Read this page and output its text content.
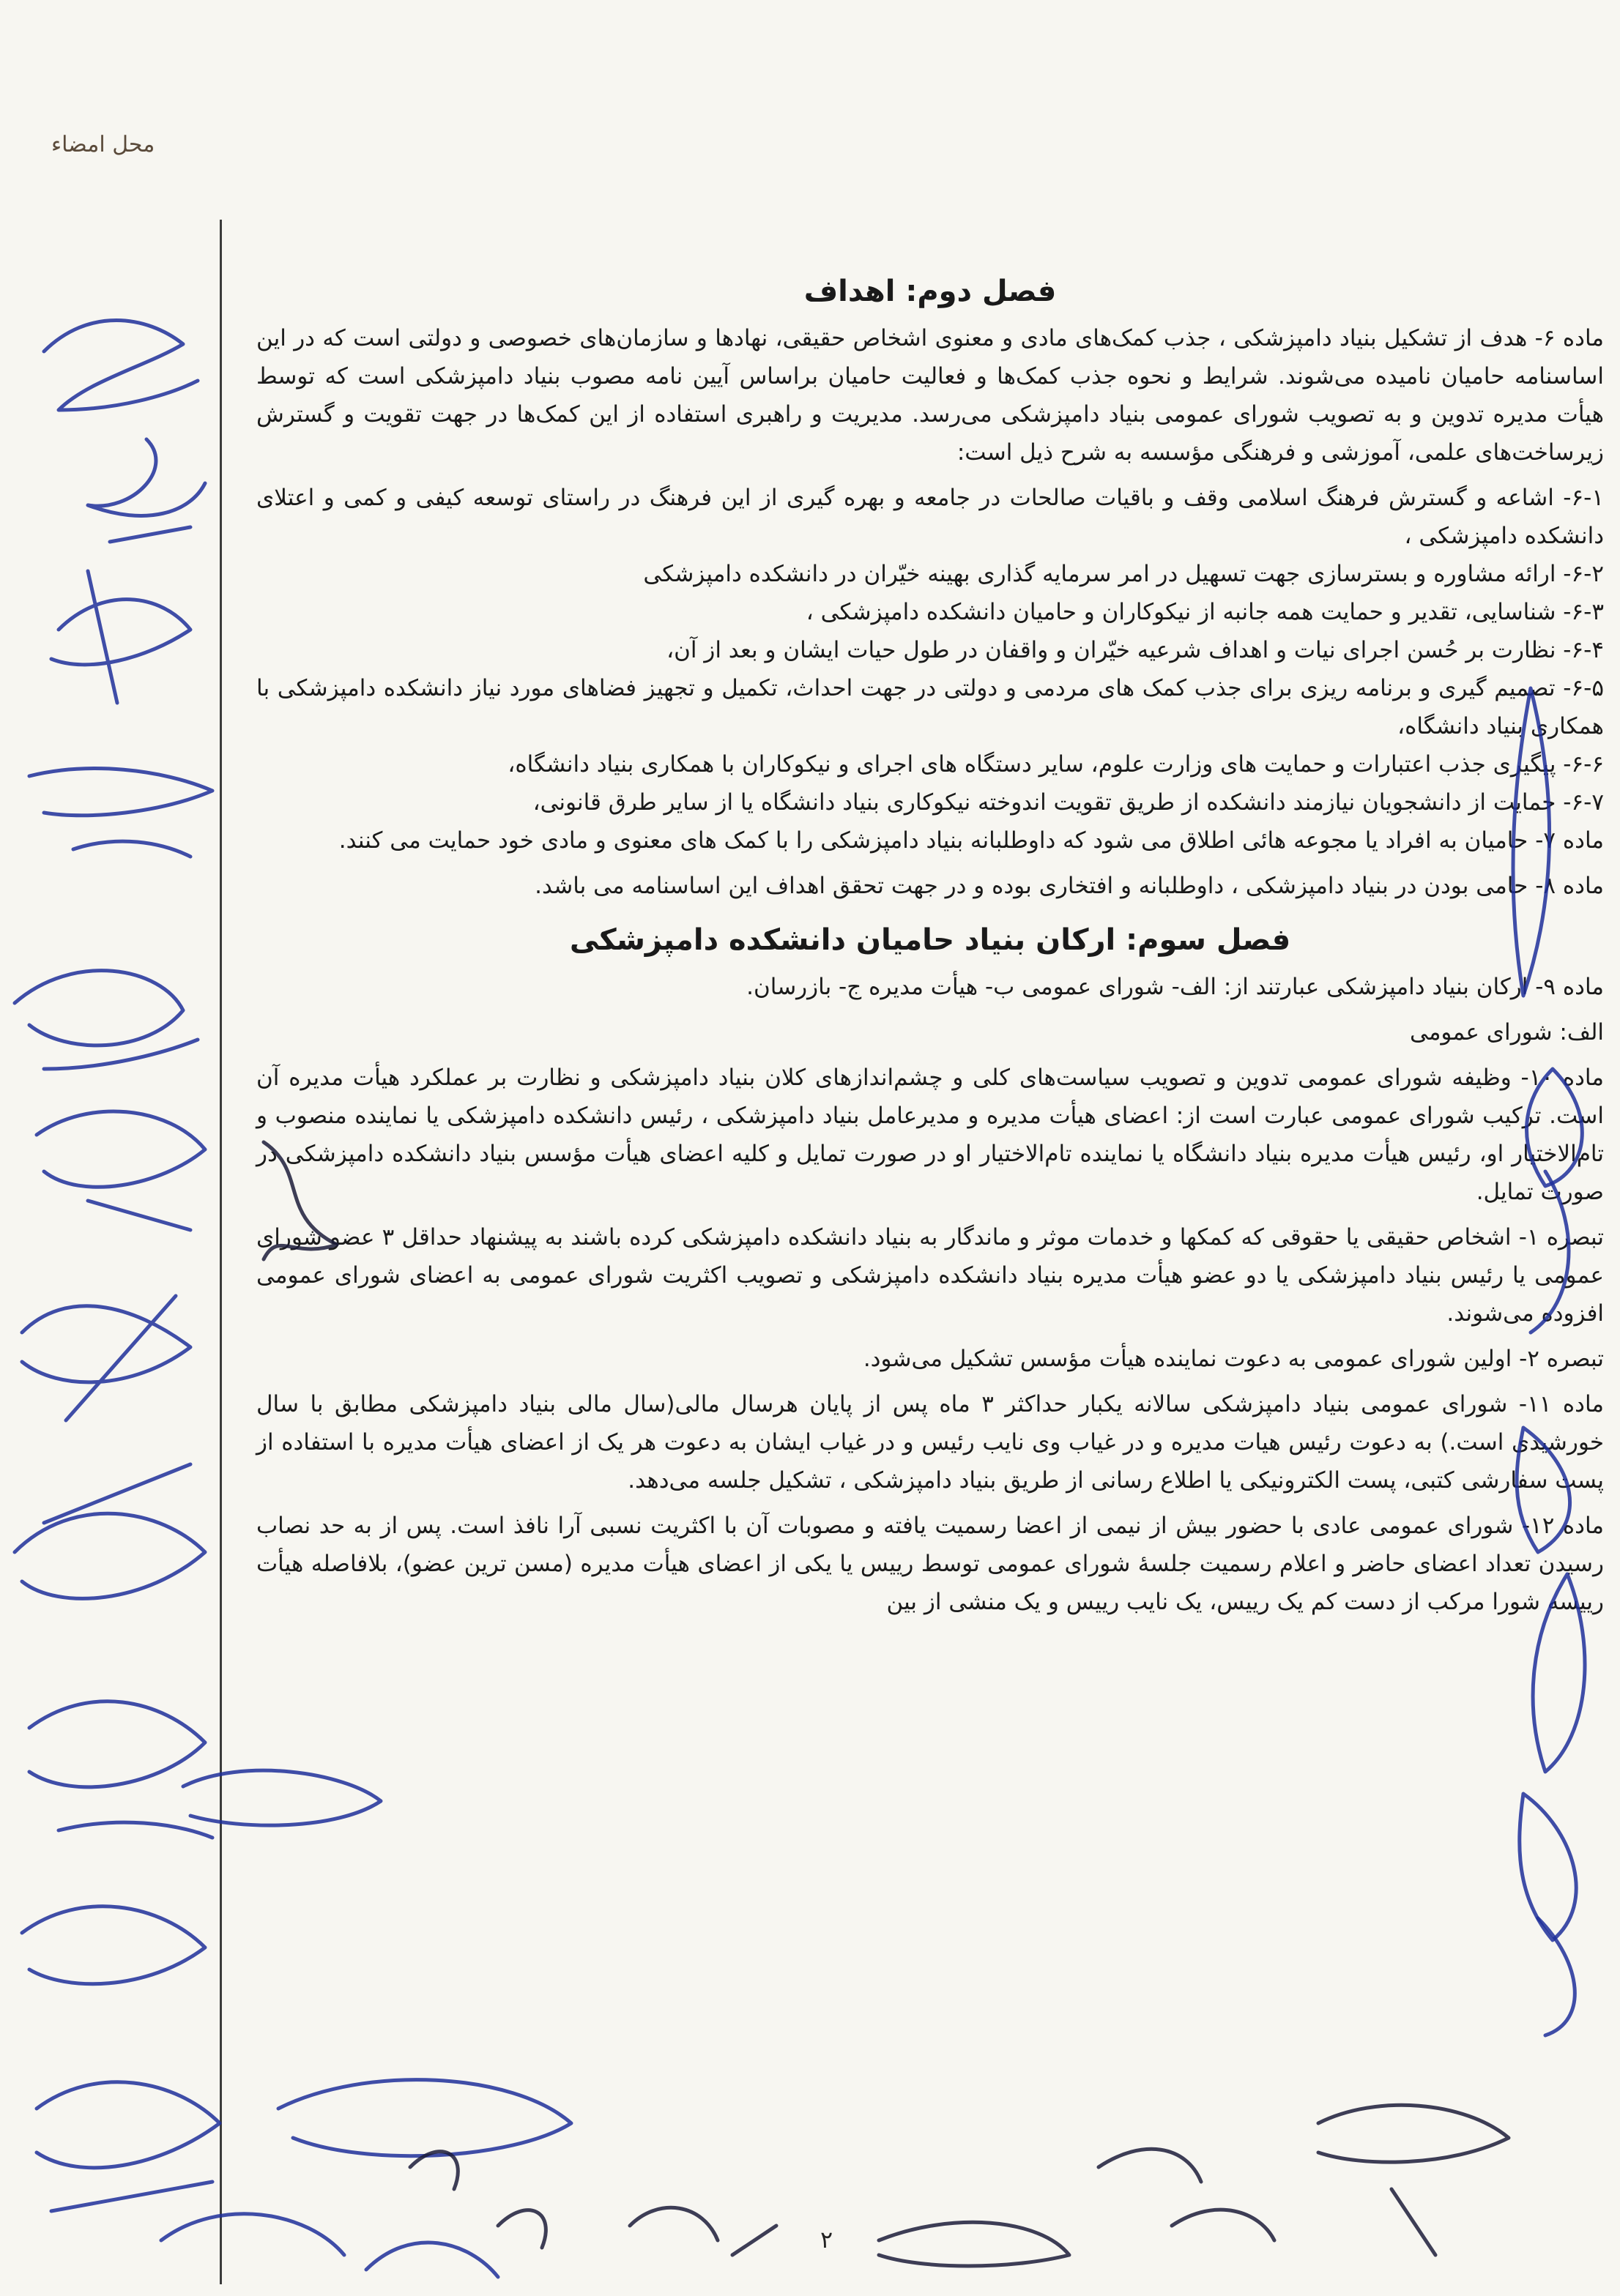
محل امضاء
فصل دوم: اهداف

ماده ۶- هدف از تشکیل بنیاد دامپزشکی ، جذب کمک‌های مادی و معنوی اشخاص حقیقی، نهادها و سازمان‌های خصوصی و دولتی است که در این اساسنامه حامیان نامیده می‌شوند. شرایط و نحوه جذب کمک‌ها و فعالیت حامیان براساس آیین نامه مصوب بنیاد دامپزشکی است که توسط هیأت مدیره تدوین و به تصویب شورای عمومی بنیاد دامپزشکی می‌رسد. مدیریت و راهبری استفاده از این کمک‌ها در جهت تقویت و گسترش زیرساخت‌های علمی، آموزشی و فرهنگی مؤسسه به شرح ذیل است:

۶-۱- اشاعه و گسترش فرهنگ اسلامی وقف و باقیات صالحات در جامعه و بهره گیری از این فرهنگ در راستای توسعه کیفی و کمی و اعتلای دانشکده دامپزشکی ،

۶-۲- ارائه مشاوره و بسترسازی جهت تسهیل در امر سرمایه گذاری بهینه خیّران در دانشکده دامپزشکی

۶-۳- شناسایی، تقدیر و حمایت همه جانبه از نیکوکاران و حامیان دانشکده دامپزشکی ،

۶-۴- نظارت بر حُسن اجرای نیات و اهداف شرعیه خیّران و واقفان در طول حیات ایشان و بعد از آن،

۶-۵- تصمیم گیری و برنامه ریزی برای جذب کمک های مردمی و دولتی در جهت احداث، تکمیل و تجهیز فضاهای مورد نیاز دانشکده دامپزشکی با همکاری بنیاد دانشگاه،

۶-۶- پیگیری جذب اعتبارات و حمایت های وزارت علوم، سایر دستگاه های اجرای و نیکوکاران با همکاری بنیاد دانشگاه،

۶-۷- حمایت از دانشجویان نیازمند دانشکده از طریق تقویت اندوخته نیکوکاری بنیاد دانشگاه یا از سایر طرق قانونی،

ماده ۷- حامیان به افراد یا مجوعه هائی اطلاق می شود که داوطلبانه بنیاد دامپزشکی را با کمک های معنوی و مادی خود حمایت می کنند.

ماده ۸- حامی بودن در بنیاد دامپزشکی ، داوطلبانه و افتخاری بوده و در جهت تحقق اهداف این اساسنامه می باشد.

فصل سوم: ارکان بنیاد حامیان دانشکده دامپزشکی

ماده ۹- ارکان بنیاد دامپزشکی عبارتند از: الف- شورای عمومی ب- هیأت مدیره ج- بازرسان.

الف: شورای عمومی

ماده ۱۰- وظیفه شورای عمومی تدوین و تصویب سیاست‌های کلی و چشم‌اندازهای کلان بنیاد دامپزشکی و نظارت بر عملکرد هیأت مدیره آن است. ترکیب شورای عمومی عبارت است از: اعضای هیأت مدیره و مدیرعامل بنیاد دامپزشکی ، رئیس دانشکده دامپزشکی یا نماینده منصوب و تام‌الاختیار او، رئیس هیأت مدیره بنیاد دانشگاه یا نماینده تام‌الاختیار او در صورت تمایل و کلیه اعضای هیأت مؤسس بنیاد دانشکده دامپزشکی در صورت تمایل.

تبصره ۱- اشخاص حقیقی یا حقوقی که کمکها و خدمات موثر و ماندگار به بنیاد دانشکده دامپزشکی کرده باشند به پیشنهاد حداقل ۳ عضو شورای عمومی یا رئیس بنیاد دامپزشکی یا دو عضو هیأت مدیره بنیاد دانشکده دامپزشکی و تصویب اکثریت شورای عمومی به اعضای شورای عمومی افزوده می‌شوند.

تبصره ۲- اولین شورای عمومی به دعوت نماینده هیأت مؤسس تشکیل می‌شود.

ماده ۱۱- شورای عمومی بنیاد دامپزشکی سالانه یکبار حداکثر ۳ ماه پس از پایان هرسال مالی(سال مالی بنیاد دامپزشکی مطابق با سال خورشیدی است.) به دعوت رئیس هیات مدیره و در غیاب وی نایب رئیس و در غیاب ایشان به دعوت هر یک از اعضای هیأت مدیره با استفاده از پست سفارشی کتبی، پست الکترونیکی یا اطلاع رسانی از طریق بنیاد دامپزشکی ، تشکیل جلسه می‌دهد.

ماده ۱۲- شورای عمومی عادی با حضور بیش از نیمی از اعضا رسمیت یافته و مصوبات آن با اکثریت نسبی آرا نافذ است. پس از به حد نصاب رسیدن تعداد اعضای حاضر و اعلام رسمیت جلسهٔ شورای عمومی توسط رییس یا یکی از اعضای هیأت مدیره (مسن ترین عضو)، بلافاصله هیأت رییسه شورا مرکب از دست کم یک رییس، یک نایب رییس و یک منشی از بین

۲
